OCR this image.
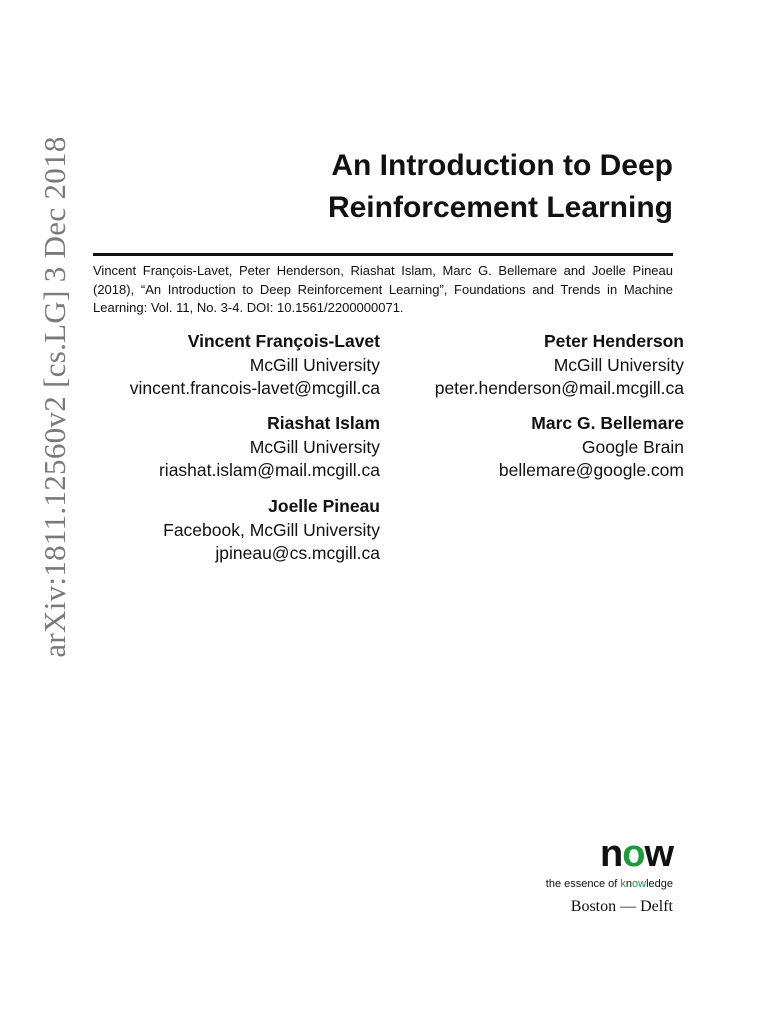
arXiv:1811.12560v2 [cs.LG] 3 Dec 2018	An Introduction to Deep
Reinforcement Learning
Vincent François-Lavet, Peter Henderson, Riashat Islam, Marc G. Bellemare and Joelle Pineau (2018), “An Introduction to Deep Reinforcement Learning”, Foundations and Trends in Machine Learning: Vol. 11, No. 3-4. DOI: 10.1561/2200000071.
Vincent François-Lavet
McGill University
vincent.francois-lavet@mcgill.ca
Peter Henderson
McGill University
peter.henderson@mail.mcgill.ca
Riashat Islam
McGill University
riashat.islam@mail.mcgill.ca
Marc G. Bellemare
Google Brain
bellemare@google.com
Joelle Pineau
Facebook, McGill University
jpineau@cs.mcgill.ca
now
the essence of knowledge
Boston — Delft
